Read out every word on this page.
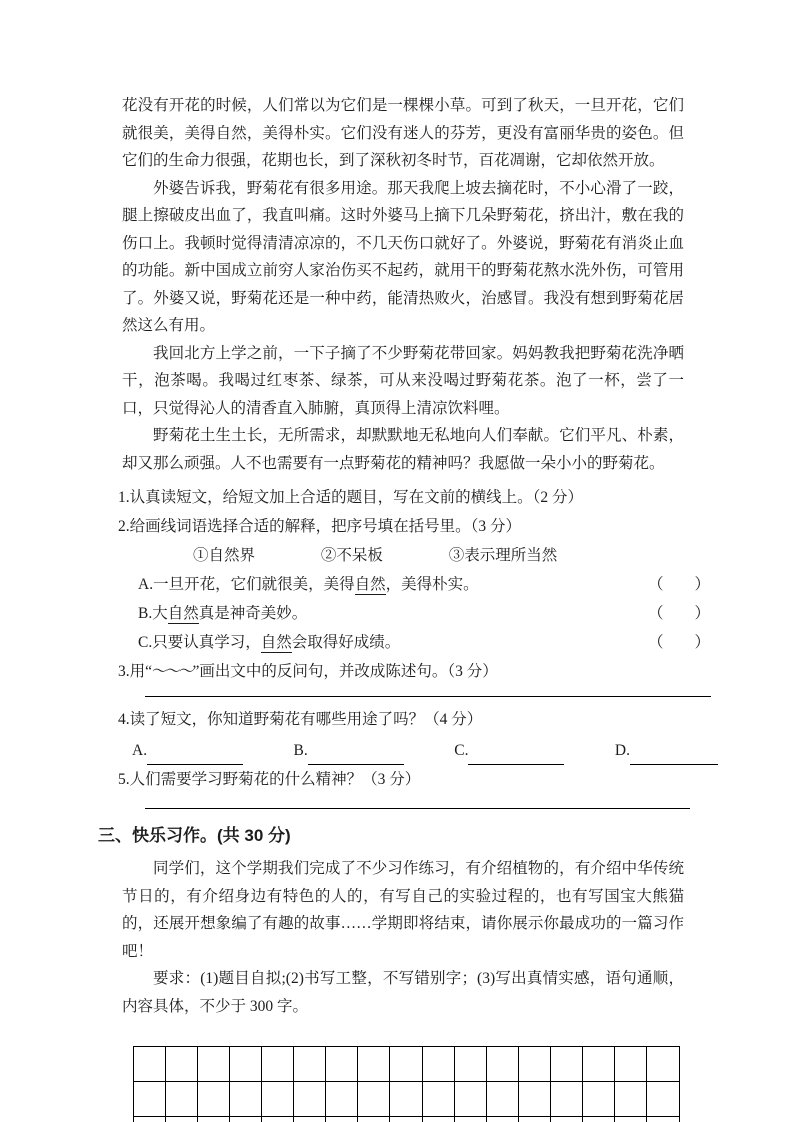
花没有开花的时候，人们常以为它们是一棵棵小草。可到了秋天，一旦开花，它们就很美，美得自然，美得朴实。它们没有迷人的芬芳，更没有富丽华贵的姿色。但它们的生命力很强，花期也长，到了深秋初冬时节，百花凋谢，它却依然开放。

外婆告诉我，野菊花有很多用途。那天我爬上坡去摘花时，不小心滑了一跤，腿上擦破皮出血了，我直叫痛。这时外婆马上摘下几朵野菊花，挤出汁，敷在我的伤口上。我顿时觉得清清凉凉的，不几天伤口就好了。外婆说，野菊花有消炎止血的功能。新中国成立前穷人家治伤买不起药，就用干的野菊花熬水洗外伤，可管用了。外婆又说，野菊花还是一种中药，能清热败火，治感冒。我没有想到野菊花居然这么有用。

我回北方上学之前，一下子摘了不少野菊花带回家。妈妈教我把野菊花洗净晒干，泡茶喝。我喝过红枣茶、绿茶，可从来没喝过野菊花茶。泡了一杯，尝了一口，只觉得沁人的清香直入肺腑，真顶得上清凉饮料哩。

野菊花土生土长，无所需求，却默默地无私地向人们奉献。它们平凡、朴素，却又那么顽强。人不也需要有一点野菊花的精神吗？我愿做一朵小小的野菊花。

1.认真读短文，给短文加上合适的题目，写在文前的横线上。（2 分）
2.给画线词语选择合适的解释，把序号填在括号里。（3 分）
①自然界	②不呆板	③表示理所当然
A.一旦开花，它们就很美，美得自然，美得朴实。	（　　）
B.大自然真是神奇美妙。	（　　）
C.只要认真学习，自然会取得好成绩。	（　　）
3.用“～～～”画出文中的反问句，并改成陈述句。（3 分）
4.读了短文，你知道野菊花有哪些用途了吗？（4 分）
A.	B.	C.	D.
5.人们需要学习野菊花的什么精神？（3 分）
三、快乐习作。(共 30 分)

同学们，这个学期我们完成了不少习作练习，有介绍植物的，有介绍中华传统节日的，有介绍身边有特色的人的，有写自己的实验过程的，也有写国宝大熊猫的，还展开想象编了有趣的故事……学期即将结束，请你展示你最成功的一篇习作吧！

要求：(1)题目自拟;(2)书写工整，不写错别字；(3)写出真情实感，语句通顺，内容具体，不少于 300 字。
